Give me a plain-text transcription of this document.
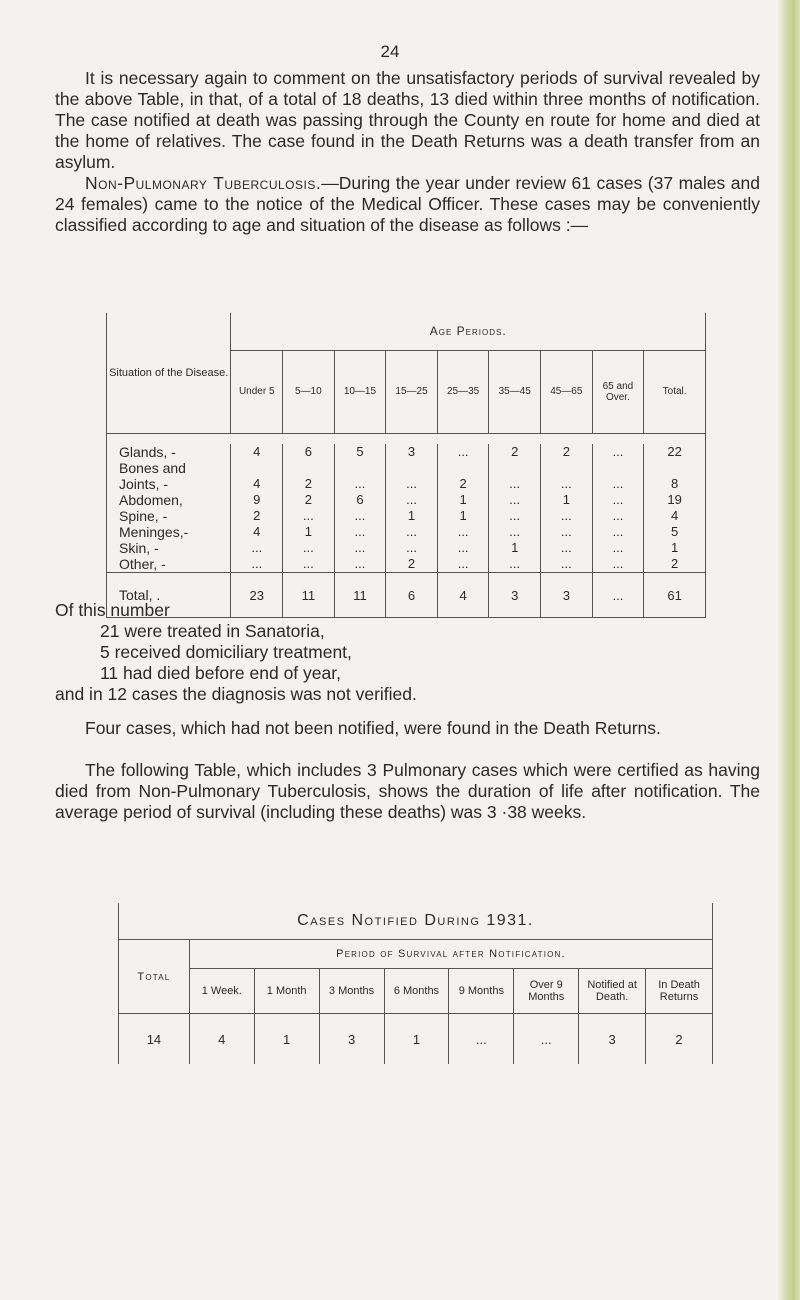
24

It is necessary again to comment on the unsatisfactory periods of survival revealed by the above Table, in that, of a total of 18 deaths, 13 died within three months of notification. The case notified at death was passing through the County en route for home and died at the home of relatives. The case found in the Death Returns was a death transfer from an asylum.

Non-Pulmonary Tuberculosis.—During the year under review 61 cases (37 males and 24 females) came to the notice of the Medical Officer. These cases may be conveniently classified according to age and situation of the disease as follows :—

Situation of the Disease.	Age Periods.								
	Under 5	5—10	10—15	15—25	25—35	35—45	45—65	65 and Over.	Total.

Glands, -	4	6	5	3	...	2	2	...	22
Bones and									
Joints, -	4	2	...	...	2	...	...	...	8
Abdomen,	9	2	6	...	1	...	1	...	19
Spine, -	2	...	...	1	1	...	...	...	4
Meninges,-	4	1	...	...	...	...	...	...	5
Skin, -	...	...	...	...	...	1	...	...	1
Other, -	...	...	...	2	...	...	...	...	2
Total, .	23	11	11	6	4	3	3	...	61

Of this number

21 were treated in Sanatoria,
5 received domiciliary treatment,
11 had died before end of year,

and in 12 cases the diagnosis was not verified.

Four cases, which had not been notified, were found in the Death Returns.

The following Table, which includes 3 Pulmonary cases which were certified as having died from Non-Pulmonary Tuberculosis, shows the duration of life after notification. The average period of survival (including these deaths) was 3 ·38 weeks.

Cases Notified During 1931.								
Total	Period of Survival after Notification.							
	1 Week.	1 Month	3 Months	6 Months	9 Months	Over 9 Months	Notified at Death.	In Death Returns
14	4	1	3	1	...	...	3	2
